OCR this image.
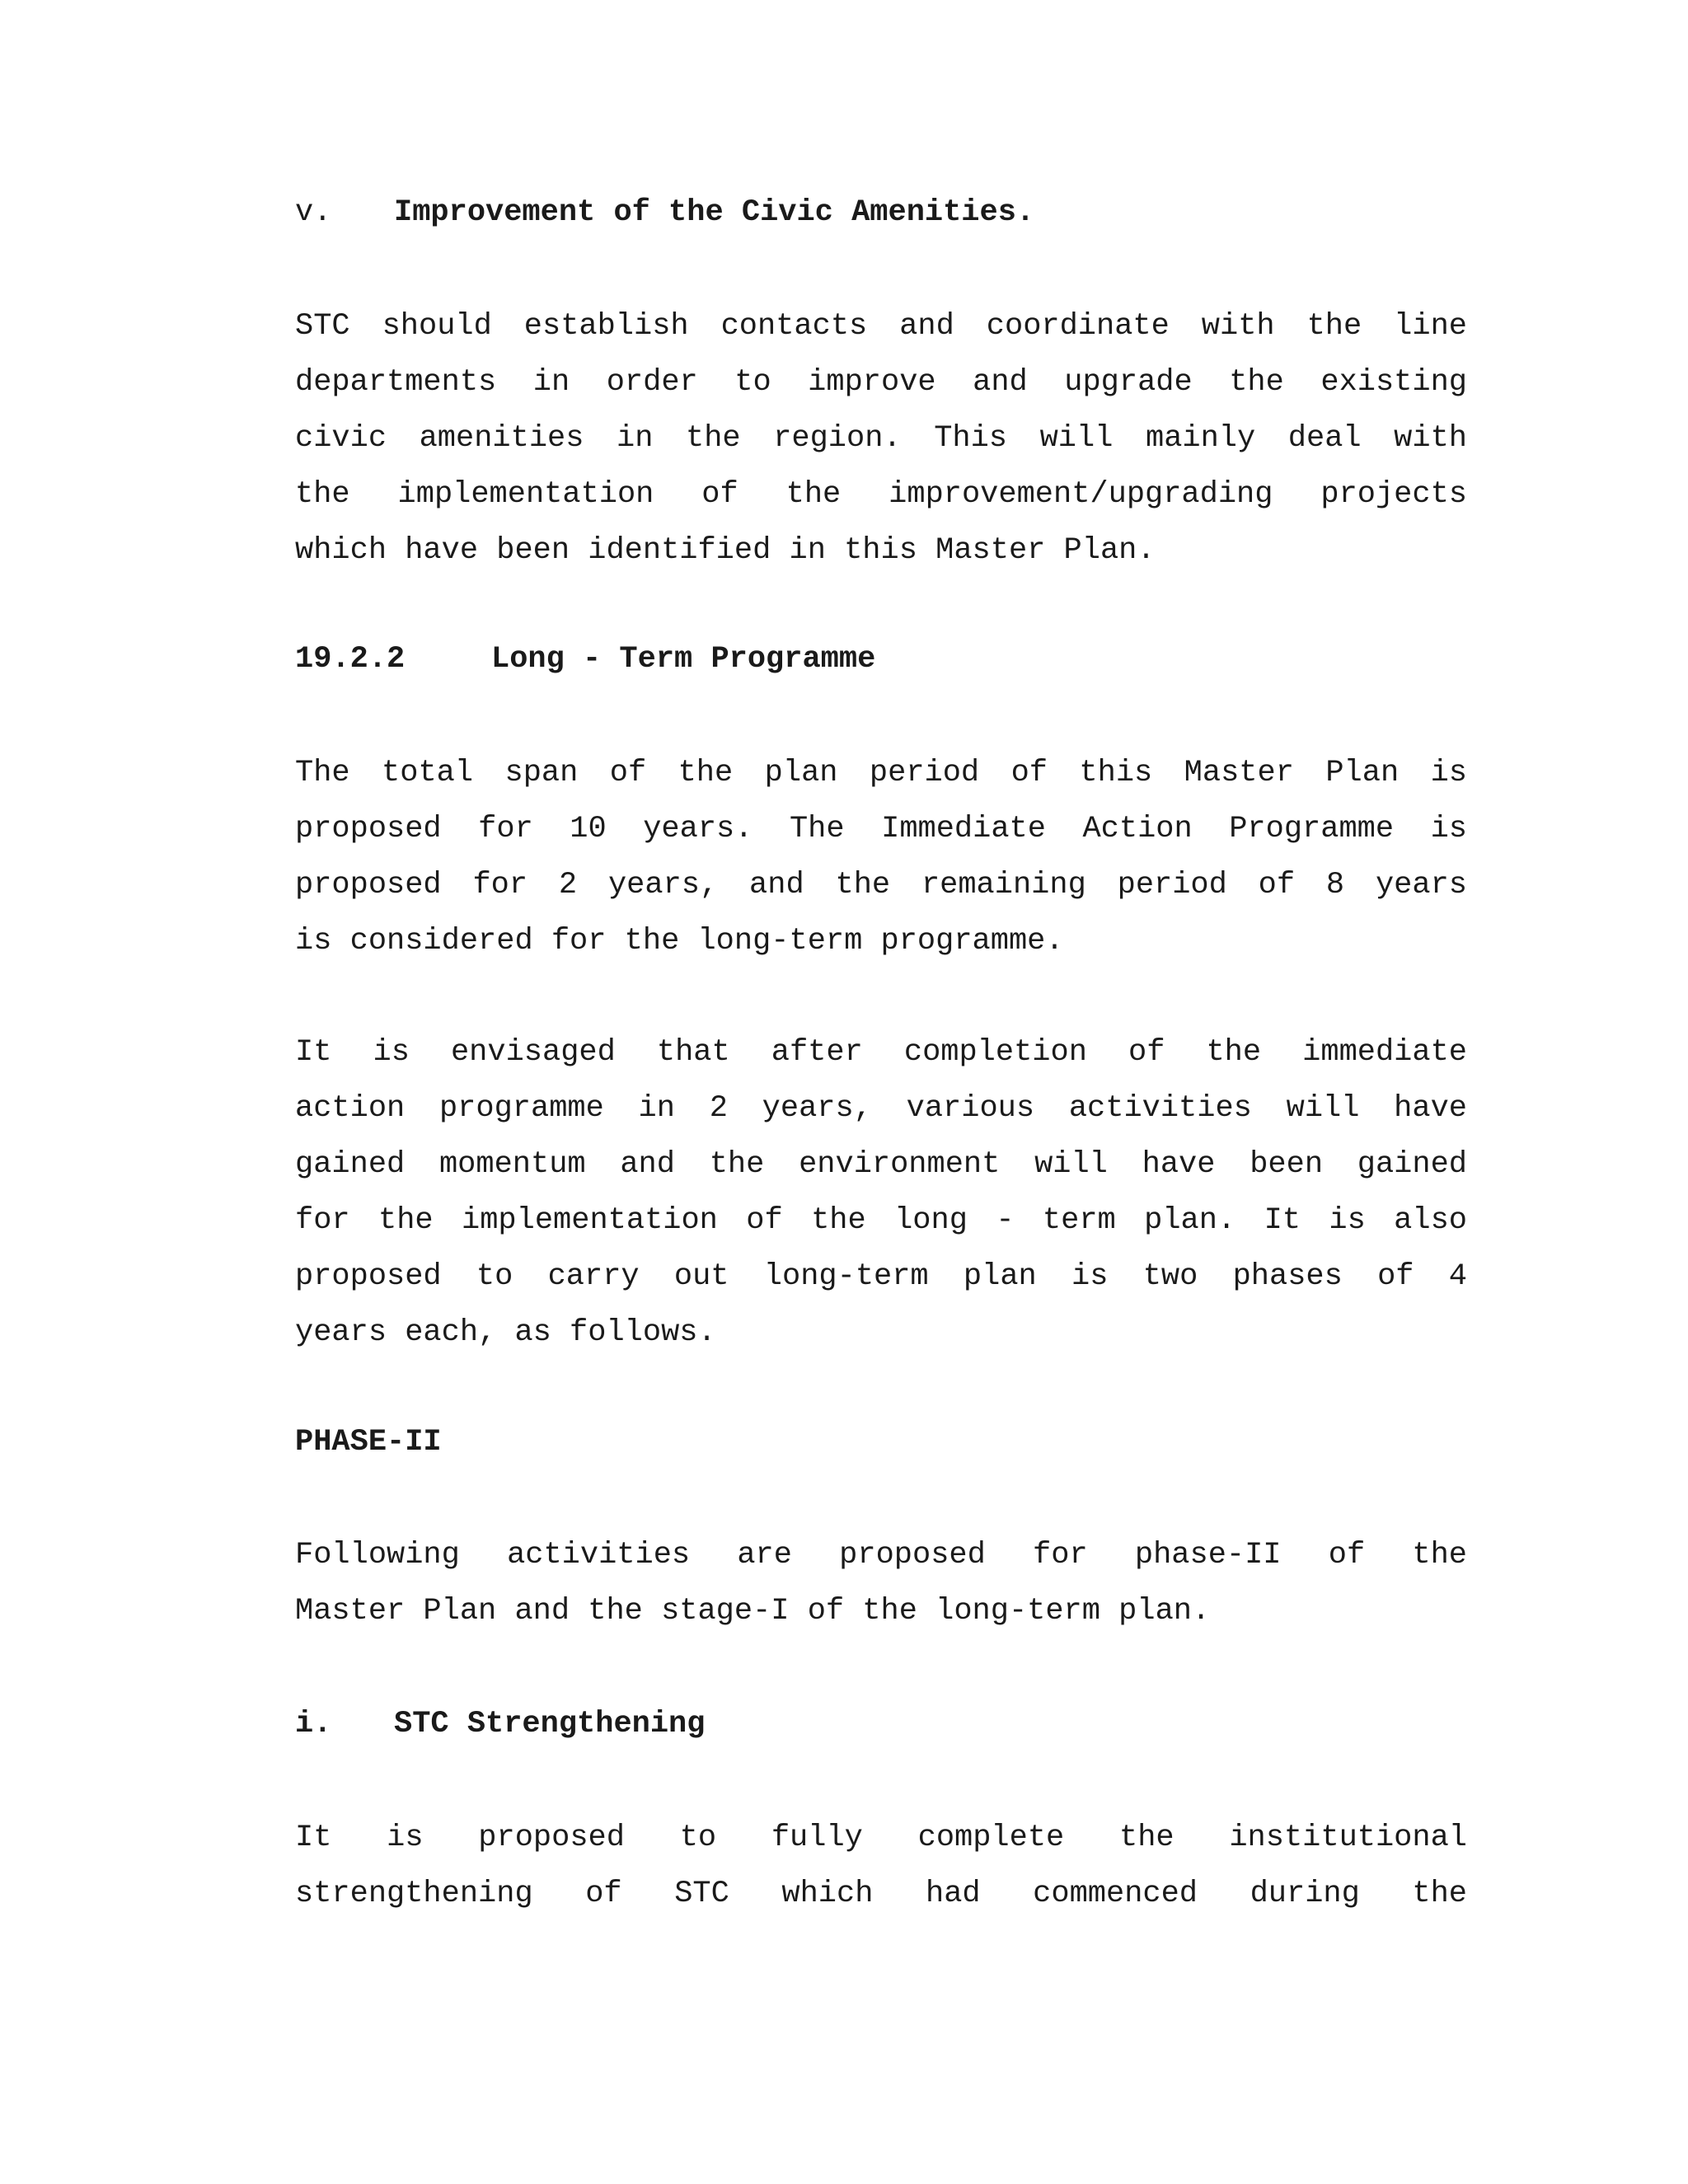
v. Improvement of the Civic Amenities.
STC should establish contacts and coordinate with the line
departments in order to improve and upgrade the existing
civic amenities in the region. This will mainly deal with
the implementation of the improvement/upgrading projects
which have been identified in this Master Plan.
19.2.2	Long - Term Programme
The total span of the plan period of this Master Plan is
proposed for 10 years. The Immediate Action Programme is
proposed for 2 years, and the remaining period of 8 years
is considered for the long-term programme.
It is envisaged that after completion of the immediate
action programme in 2 years, various activities will have
gained momentum and the environment will have been gained
for the implementation of the long - term plan. It is also
proposed to carry out long-term plan is two phases of 4
years each, as follows.
PHASE-II
Following activities are proposed for phase-II of the
Master Plan and the stage-I of the long-term plan.
i. STC Strengthening
It is proposed to fully complete the institutional
strengthening of STC which had commenced during the
